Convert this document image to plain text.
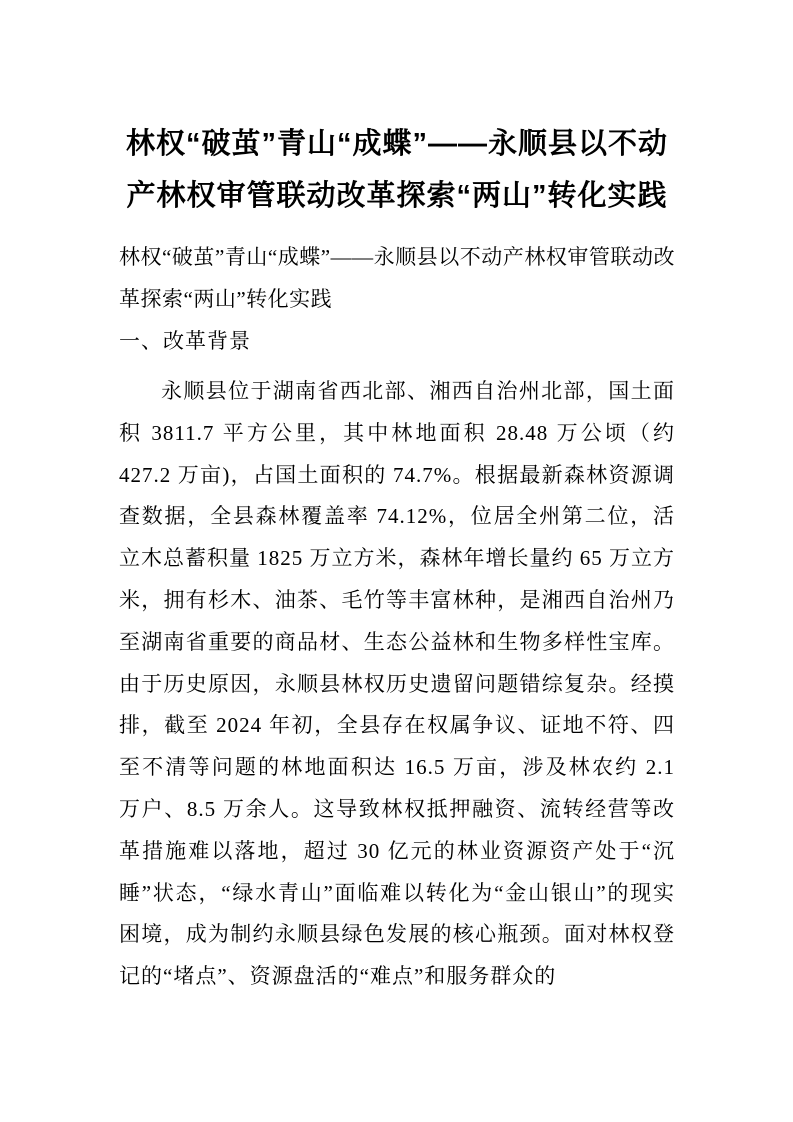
林权“破茧”青山“成蝶”——永顺县以不动产林权审管联动改革探索“两山”转化实践

林权“破茧”青山“成蝶”——永顺县以不动产林权审管联动改革探索“两山”转化实践

一、改革背景

永顺县位于湖南省西北部、湘西自治州北部，国土面积 3811.7 平方公里，其中林地面积 28.48 万公顷（约 427.2 万亩)，占国土面积的 74.7%。根据最新森林资源调查数据，全县森林覆盖率 74.12%，位居全州第二位，活立木总蓄积量 1825 万立方米，森林年增长量约 65 万立方米，拥有杉木、油茶、毛竹等丰富林种，是湘西自治州乃至湖南省重要的商品材、生态公益林和生物多样性宝库。由于历史原因，永顺县林权历史遗留问题错综复杂。经摸排，截至 2024 年初，全县存在权属争议、证地不符、四至不清等问题的林地面积达 16.5 万亩，涉及林农约 2.1 万户、8.5 万余人。这导致林权抵押融资、流转经营等改革措施难以落地，超过 30 亿元的林业资源资产处于“沉睡”状态，“绿水青山”面临难以转化为“金山银山”的现实困境，成为制约永顺县绿色发展的核心瓶颈。面对林权登记的“堵点”、资源盘活的“难点”和服务群众的
